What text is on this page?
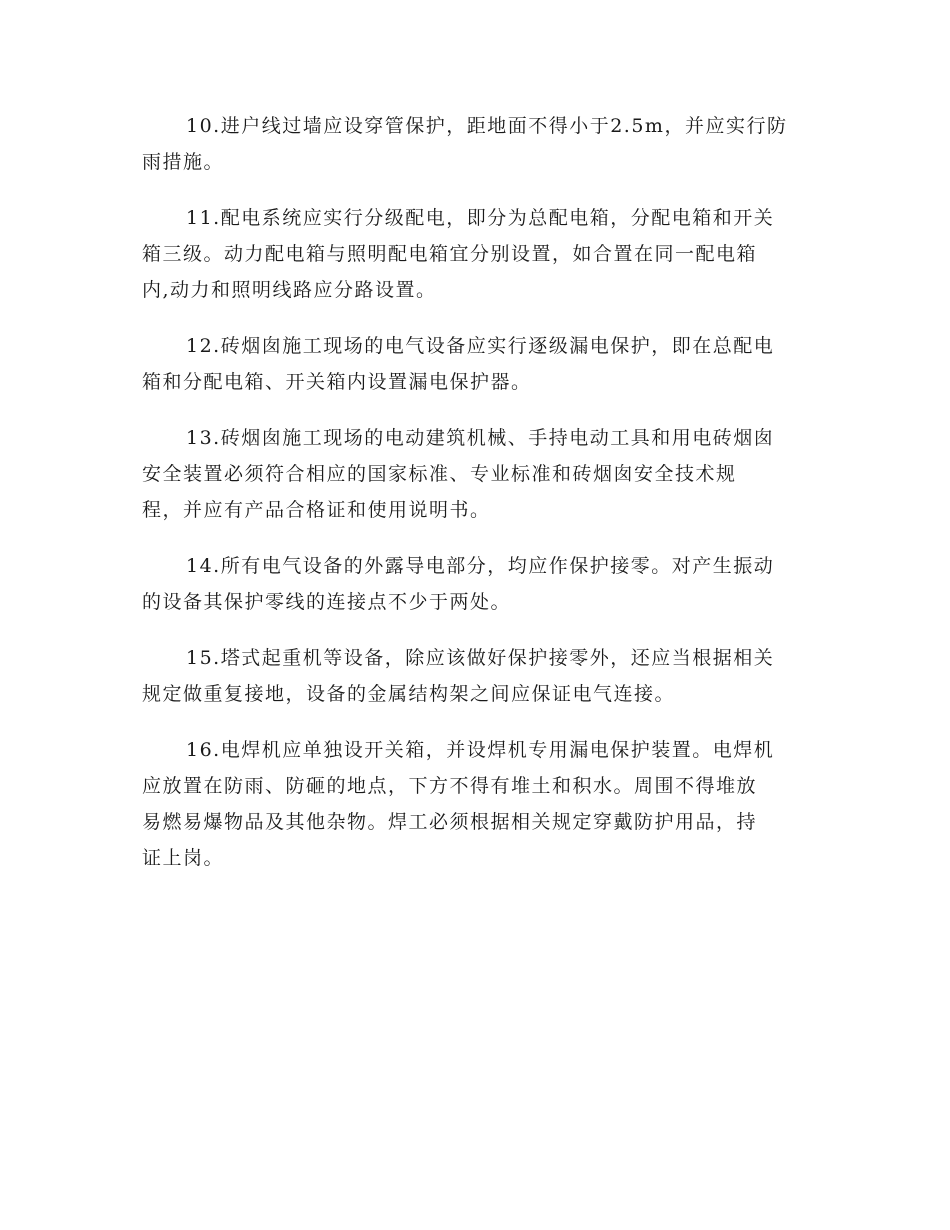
10.进户线过墙应设穿管保护，距地面不得小于2.5m，并应实行防
雨措施。

11.配电系统应实行分级配电，即分为总配电箱，分配电箱和开关
箱三级。动力配电箱与照明配电箱宜分别设置，如合置在同一配电箱
内,动力和照明线路应分路设置。

12.砖烟囱施工现场的电气设备应实行逐级漏电保护，即在总配电
箱和分配电箱、开关箱内设置漏电保护器。

13.砖烟囱施工现场的电动建筑机械、手持电动工具和用电砖烟囱
安全装置必须符合相应的国家标准、专业标准和砖烟囱安全技术规
程，并应有产品合格证和使用说明书。

14.所有电气设备的外露导电部分，均应作保护接零。对产生振动
的设备其保护零线的连接点不少于两处。

15.塔式起重机等设备，除应该做好保护接零外，还应当根据相关
规定做重复接地，设备的金属结构架之间应保证电气连接。

16.电焊机应单独设开关箱，并设焊机专用漏电保护装置。电焊机
应放置在防雨、防砸的地点，下方不得有堆土和积水。周围不得堆放
易燃易爆物品及其他杂物。焊工必须根据相关规定穿戴防护用品，持
证上岗。
